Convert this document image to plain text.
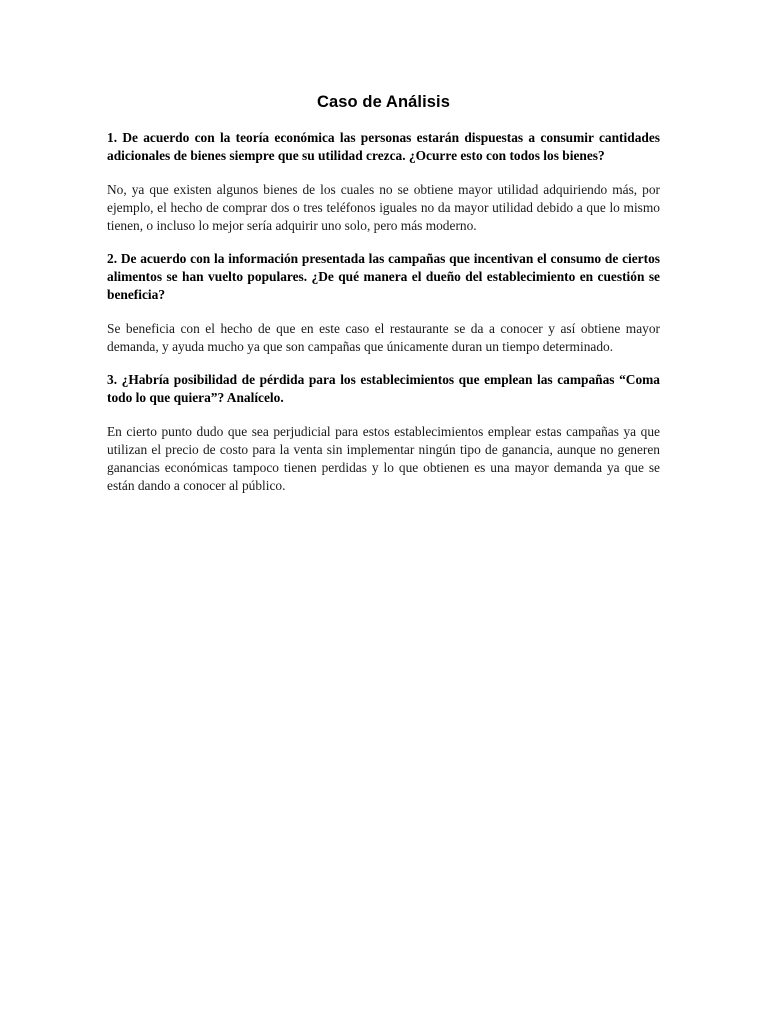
Caso de Análisis

1. De acuerdo con la teoría económica las personas estarán dispuestas a consumir cantidades adicionales de bienes siempre que su utilidad crezca. ¿Ocurre esto con todos los bienes?

No, ya que existen algunos bienes de los cuales no se obtiene mayor utilidad adquiriendo más, por ejemplo, el hecho de comprar dos o tres teléfonos iguales no da mayor utilidad debido a que lo mismo tienen, o incluso lo mejor sería adquirir uno solo, pero más moderno.

2. De acuerdo con la información presentada las campañas que incentivan el consumo de ciertos alimentos se han vuelto populares. ¿De qué manera el dueño del establecimiento en cuestión se beneficia?

Se beneficia con el hecho de que en este caso el restaurante se da a conocer y así obtiene mayor demanda, y ayuda mucho ya que son campañas que únicamente duran un tiempo determinado.

3. ¿Habría posibilidad de pérdida para los establecimientos que emplean las campañas “Coma todo lo que quiera”? Analícelo.

En cierto punto dudo que sea perjudicial para estos establecimientos emplear estas campañas ya que utilizan el precio de costo para la venta sin implementar ningún tipo de ganancia, aunque no generen ganancias económicas tampoco tienen perdidas y lo que obtienen es una mayor demanda ya que se están dando a conocer al público.
